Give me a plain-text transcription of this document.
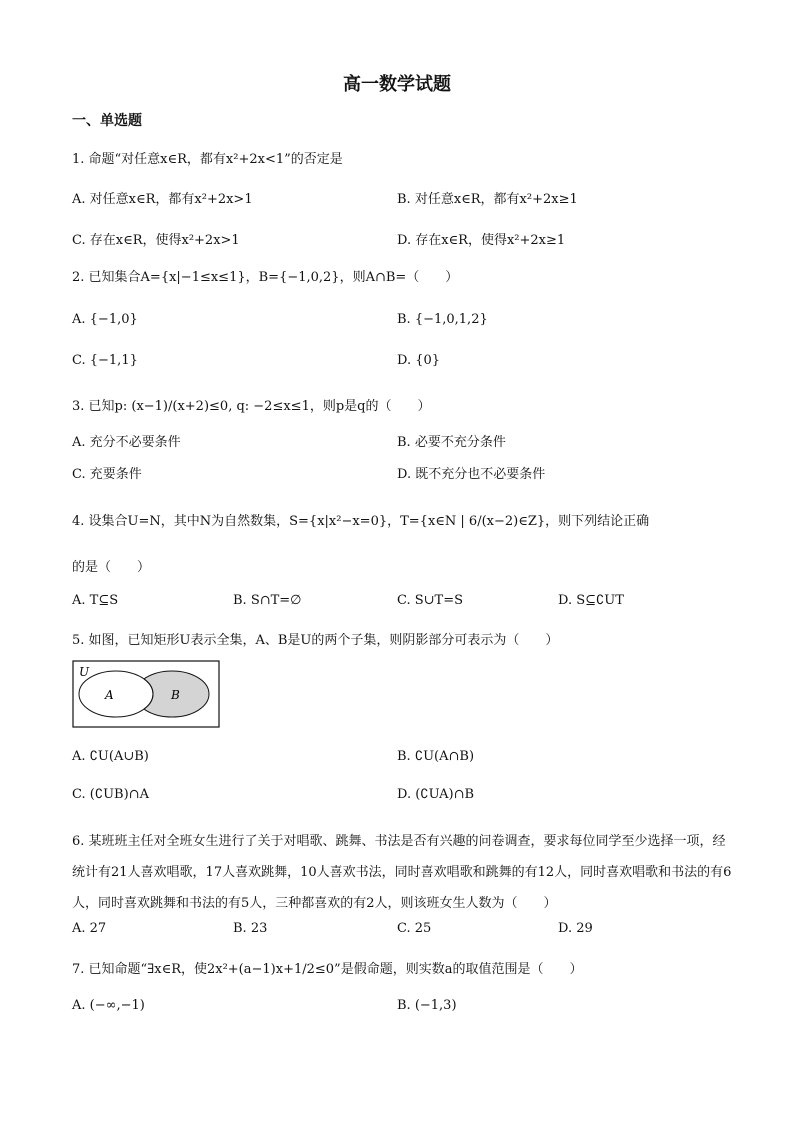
高一数学试题
一、单选题
1. 命题“对任意x∈R，都有x²+2x<1”的否定是
A. 对任意x∈R，都有x²+2x>1	B. 对任意x∈R，都有x²+2x≥1
C. 存在x∈R，使得x²+2x>1	D. 存在x∈R，使得x²+2x≥1
2. 已知集合A={x|−1≤x≤1}，B={−1,0,2}，则A∩B=（　　）
A. {−1,0}	B. {−1,0,1,2}
C. {−1,1}	D. {0}
3. 已知p: (x−1)/(x+2)≤0, q: −2≤x≤1，则p是q的（　　）
A. 充分不必要条件	B. 必要不充分条件
C. 充要条件	D. 既不充分也不必要条件
4. 设集合U=N，其中N为自然数集，S={x|x²−x=0}，T={x∈N | 6/(x−2)∈Z}，则下列结论正确
的是（　　）
A. T⊆S	B. S∩T=∅	C. S∪T=S	D. S⊆∁UT
5. 如图，已知矩形U表示全集，A、B是U的两个子集，则阴影部分可表示为（　　）
U
A	B
A. ∁U(A∪B)	B. ∁U(A∩B)
C. (∁UB)∩A	D. (∁UA)∩B
6. 某班班主任对全班女生进行了关于对唱歌、跳舞、书法是否有兴趣的问卷调查，要求每位同学至少选择一项，经统计有21人喜欢唱歌，17人喜欢跳舞，10人喜欢书法，同时喜欢唱歌和跳舞的有12人，同时喜欢唱歌和书法的有6人，同时喜欢跳舞和书法的有5人，三种都喜欢的有2人，则该班女生人数为（　　）
A. 27	B. 23	C. 25	D. 29
7. 已知命题“∃x∈R，使2x²+(a−1)x+1/2≤0”是假命题，则实数a的取值范围是（　　）
A. (−∞,−1)	B. (−1,3)
